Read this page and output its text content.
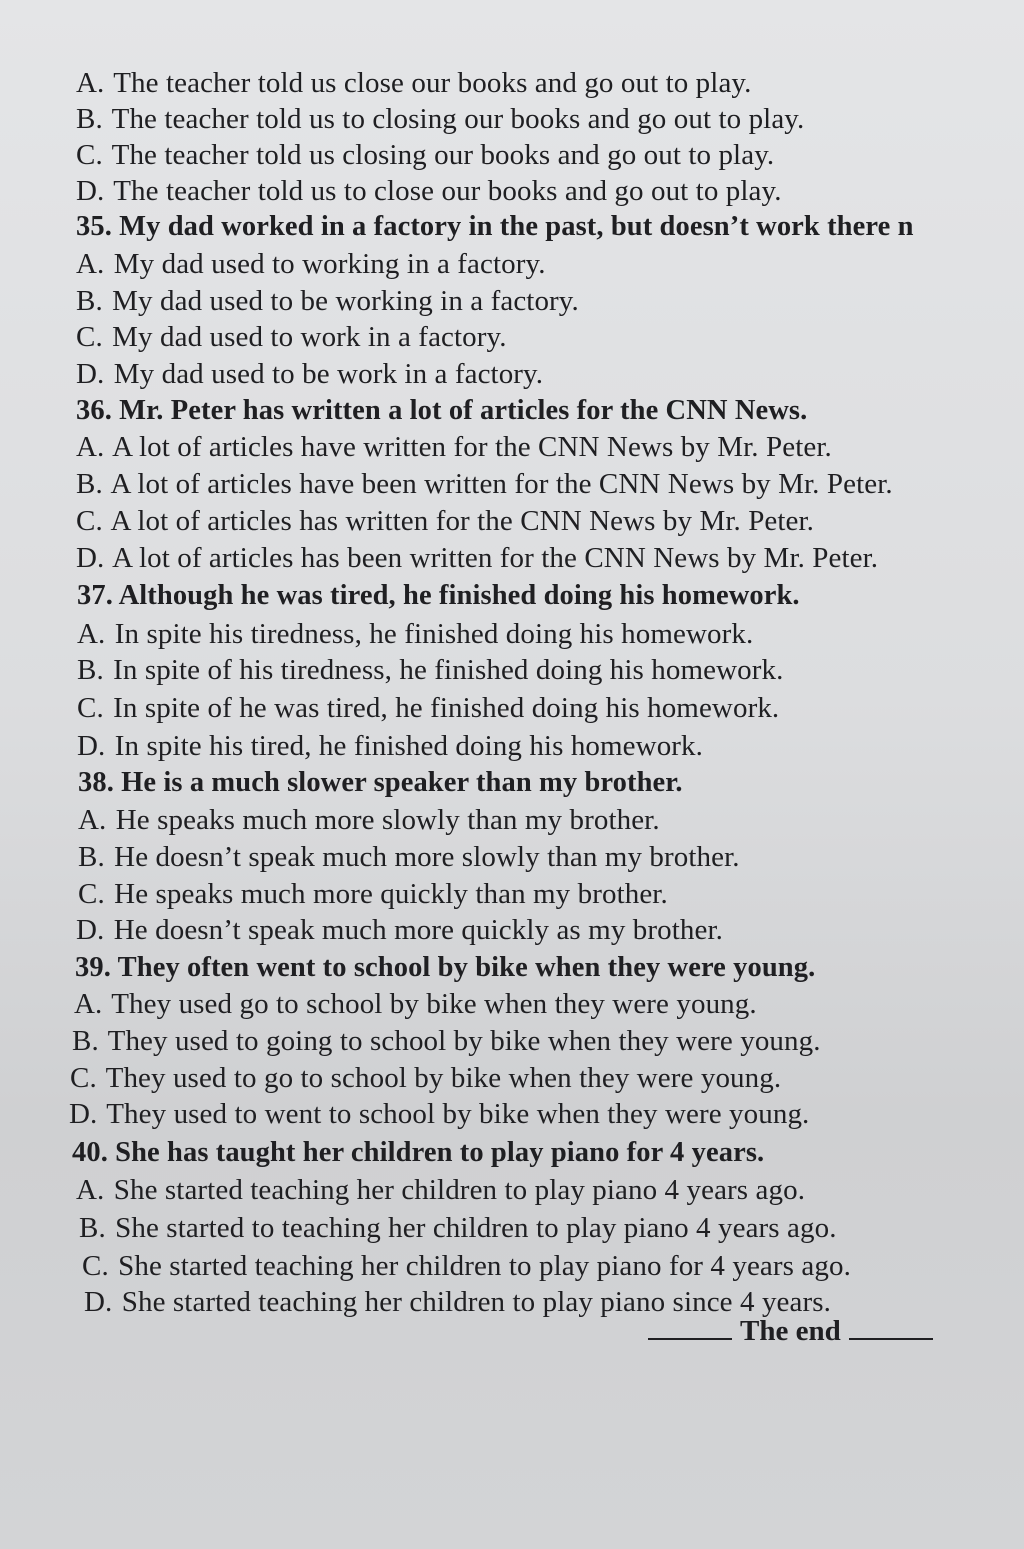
A. The teacher told us close our books and go out to play.
B. The teacher told us to closing our books and go out to play.
C. The teacher told us closing our books and go out to play.
D. The teacher told us to close our books and go out to play.
35. My dad worked in a factory in the past, but doesn’t work there n
A. My dad used to working in a factory.
B. My dad used to be working in a factory.
C. My dad used to work in a factory.
D. My dad used to be work in a factory.
36. Mr. Peter has written a lot of articles for the CNN News.
A. A lot of articles have written for the CNN News by Mr. Peter.
B. A lot of articles have been written for the CNN News by Mr. Peter.
C. A lot of articles has written for the CNN News by Mr. Peter.
D. A lot of articles has been written for the CNN News by Mr. Peter.
37. Although he was tired, he finished doing his homework.
A. In spite his tiredness, he finished doing his homework.
B. In spite of his tiredness, he finished doing his homework.
C. In spite of he was tired, he finished doing his homework.
D. In spite his tired, he finished doing his homework.
38. He is a much slower speaker than my brother.
A. He speaks much more slowly than my brother.
B. He doesn’t speak much more slowly than my brother.
C. He speaks much more quickly than my brother.
D. He doesn’t speak much more quickly as my brother.
39. They often went to school by bike when they were young.
A. They used go to school by bike when they were young.
B. They used to going to school by bike when they were young.
C. They used to go to school by bike when they were young.
D. They used to went to school by bike when they were young.
40. She has taught her children to play piano for 4 years.
A. She started teaching her children to play piano 4 years ago.
B. She started to teaching her children to play piano 4 years ago.
C. She started teaching her children to play piano for 4 years ago.
D. She started teaching her children to play piano since 4 years.
The end
